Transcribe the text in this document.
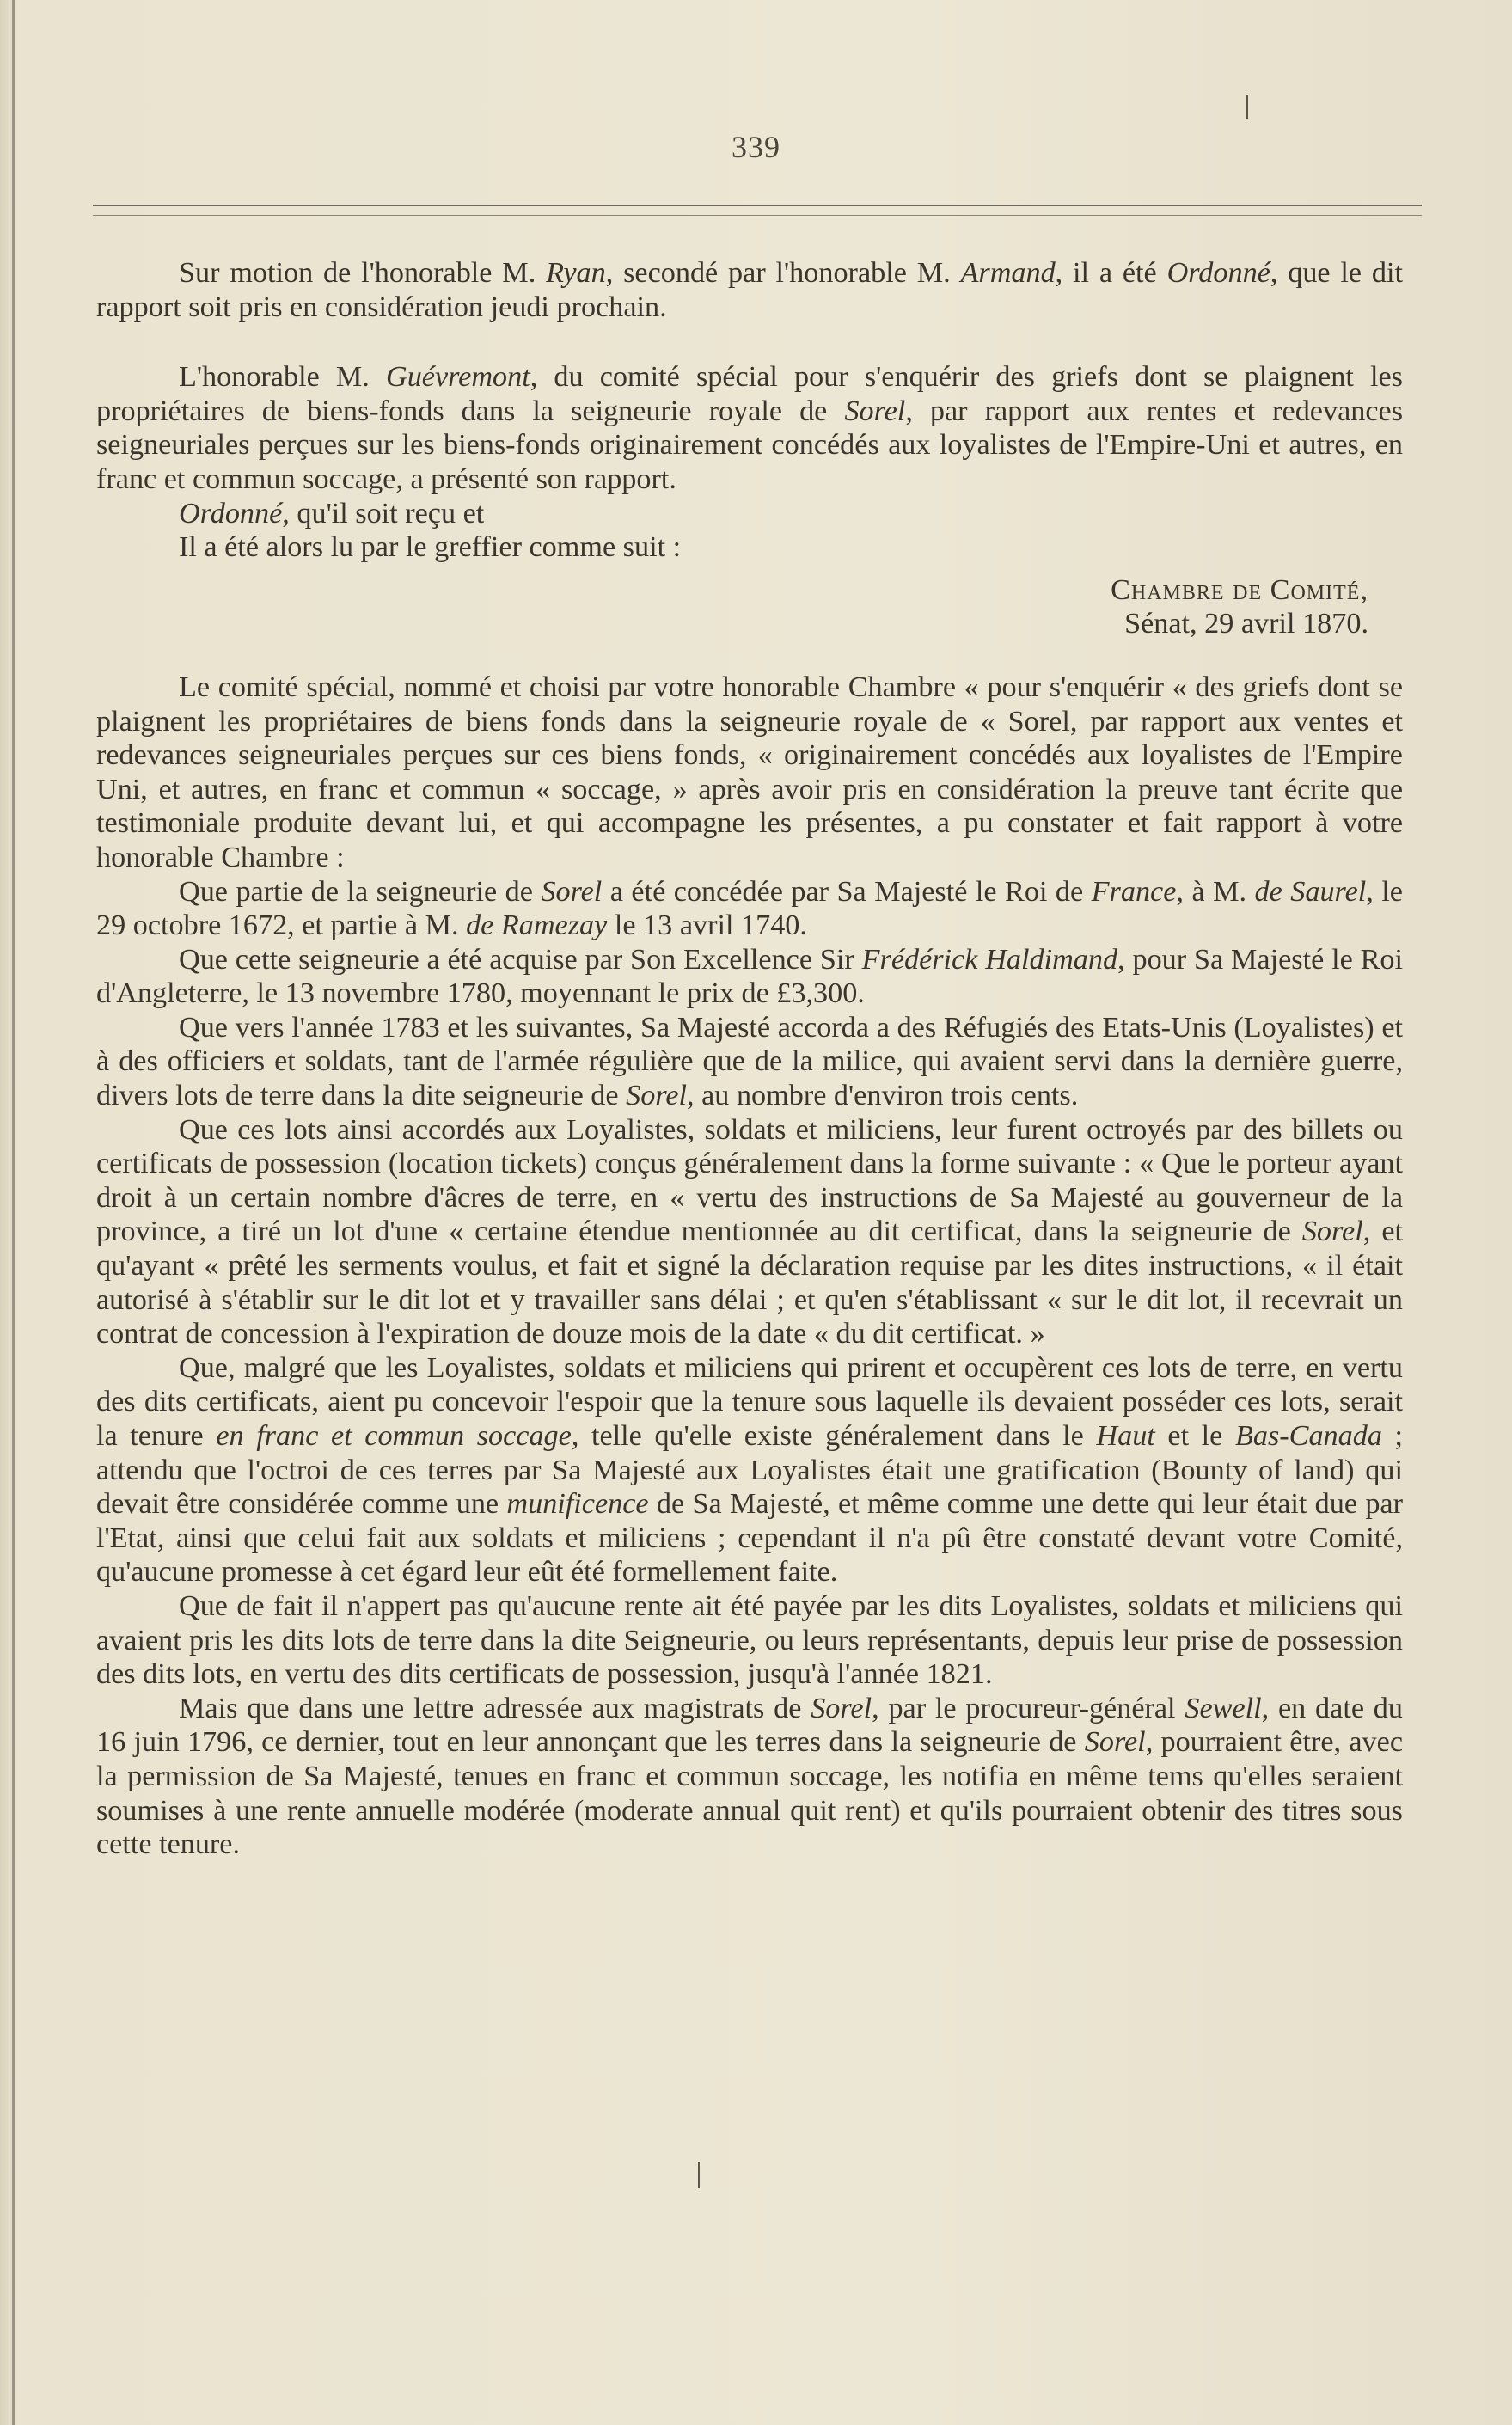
339

Sur motion de l'honorable M. Ryan, secondé par l'honorable M. Armand, il a été Ordonné, que le dit rapport soit pris en considération jeudi prochain.

L'honorable M. Guévremont, du comité spécial pour s'enquérir des griefs dont se plaignent les propriétaires de biens-fonds dans la seigneurie royale de Sorel, par rapport aux rentes et redevances seigneuriales perçues sur les biens-fonds originairement concédés aux loyalistes de l'Empire-Uni et autres, en franc et commun soccage, a présenté son rapport.

Ordonné, qu'il soit reçu et

Il a été alors lu par le greffier comme suit :

Chambre de Comité,

Sénat, 29 avril 1870.

Le comité spécial, nommé et choisi par votre honorable Chambre « pour s'enquérir « des griefs dont se plaignent les propriétaires de biens fonds dans la seigneurie royale de « Sorel, par rapport aux ventes et redevances seigneuriales perçues sur ces biens fonds, « originairement concédés aux loyalistes de l'Empire Uni, et autres, en franc et commun « soccage, » après avoir pris en considération la preuve tant écrite que testimoniale produite devant lui, et qui accompagne les présentes, a pu constater et fait rapport à votre honorable Chambre :

Que partie de la seigneurie de Sorel a été concédée par Sa Majesté le Roi de France, à M. de Saurel, le 29 octobre 1672, et partie à M. de Ramezay le 13 avril 1740.

Que cette seigneurie a été acquise par Son Excellence Sir Frédérick Haldimand, pour Sa Majesté le Roi d'Angleterre, le 13 novembre 1780, moyennant le prix de £3,300.

Que vers l'année 1783 et les suivantes, Sa Majesté accorda a des Réfugiés des Etats-Unis (Loyalistes) et à des officiers et soldats, tant de l'armée régulière que de la milice, qui avaient servi dans la dernière guerre, divers lots de terre dans la dite seigneurie de Sorel, au nombre d'environ trois cents.

Que ces lots ainsi accordés aux Loyalistes, soldats et miliciens, leur furent octroyés par des billets ou certificats de possession (location tickets) conçus généralement dans la forme suivante : « Que le porteur ayant droit à un certain nombre d'âcres de terre, en « vertu des instructions de Sa Majesté au gouverneur de la province, a tiré un lot d'une « certaine étendue mentionnée au dit certificat, dans la seigneurie de Sorel, et qu'ayant « prêté les serments voulus, et fait et signé la déclaration requise par les dites instructions, « il était autorisé à s'établir sur le dit lot et y travailler sans délai ; et qu'en s'établissant « sur le dit lot, il recevrait un contrat de concession à l'expiration de douze mois de la date « du dit certificat. »

Que, malgré que les Loyalistes, soldats et miliciens qui prirent et occupèrent ces lots de terre, en vertu des dits certificats, aient pu concevoir l'espoir que la tenure sous laquelle ils devaient posséder ces lots, serait la tenure en franc et commun soccage, telle qu'elle existe généralement dans le Haut et le Bas-Canada ; attendu que l'octroi de ces terres par Sa Majesté aux Loyalistes était une gratification (Bounty of land) qui devait être considérée comme une munificence de Sa Majesté, et même comme une dette qui leur était due par l'Etat, ainsi que celui fait aux soldats et miliciens ; cependant il n'a pû être constaté devant votre Comité, qu'aucune promesse à cet égard leur eût été formellement faite.

Que de fait il n'appert pas qu'aucune rente ait été payée par les dits Loyalistes, soldats et miliciens qui avaient pris les dits lots de terre dans la dite Seigneurie, ou leurs représentants, depuis leur prise de possession des dits lots, en vertu des dits certificats de possession, jusqu'à l'année 1821.

Mais que dans une lettre adressée aux magistrats de Sorel, par le procureur-général Sewell, en date du 16 juin 1796, ce dernier, tout en leur annonçant que les terres dans la seigneurie de Sorel, pourraient être, avec la permission de Sa Majesté, tenues en franc et commun soccage, les notifia en même tems qu'elles seraient soumises à une rente annuelle modérée (moderate annual quit rent) et qu'ils pourraient obtenir des titres sous cette tenure.
